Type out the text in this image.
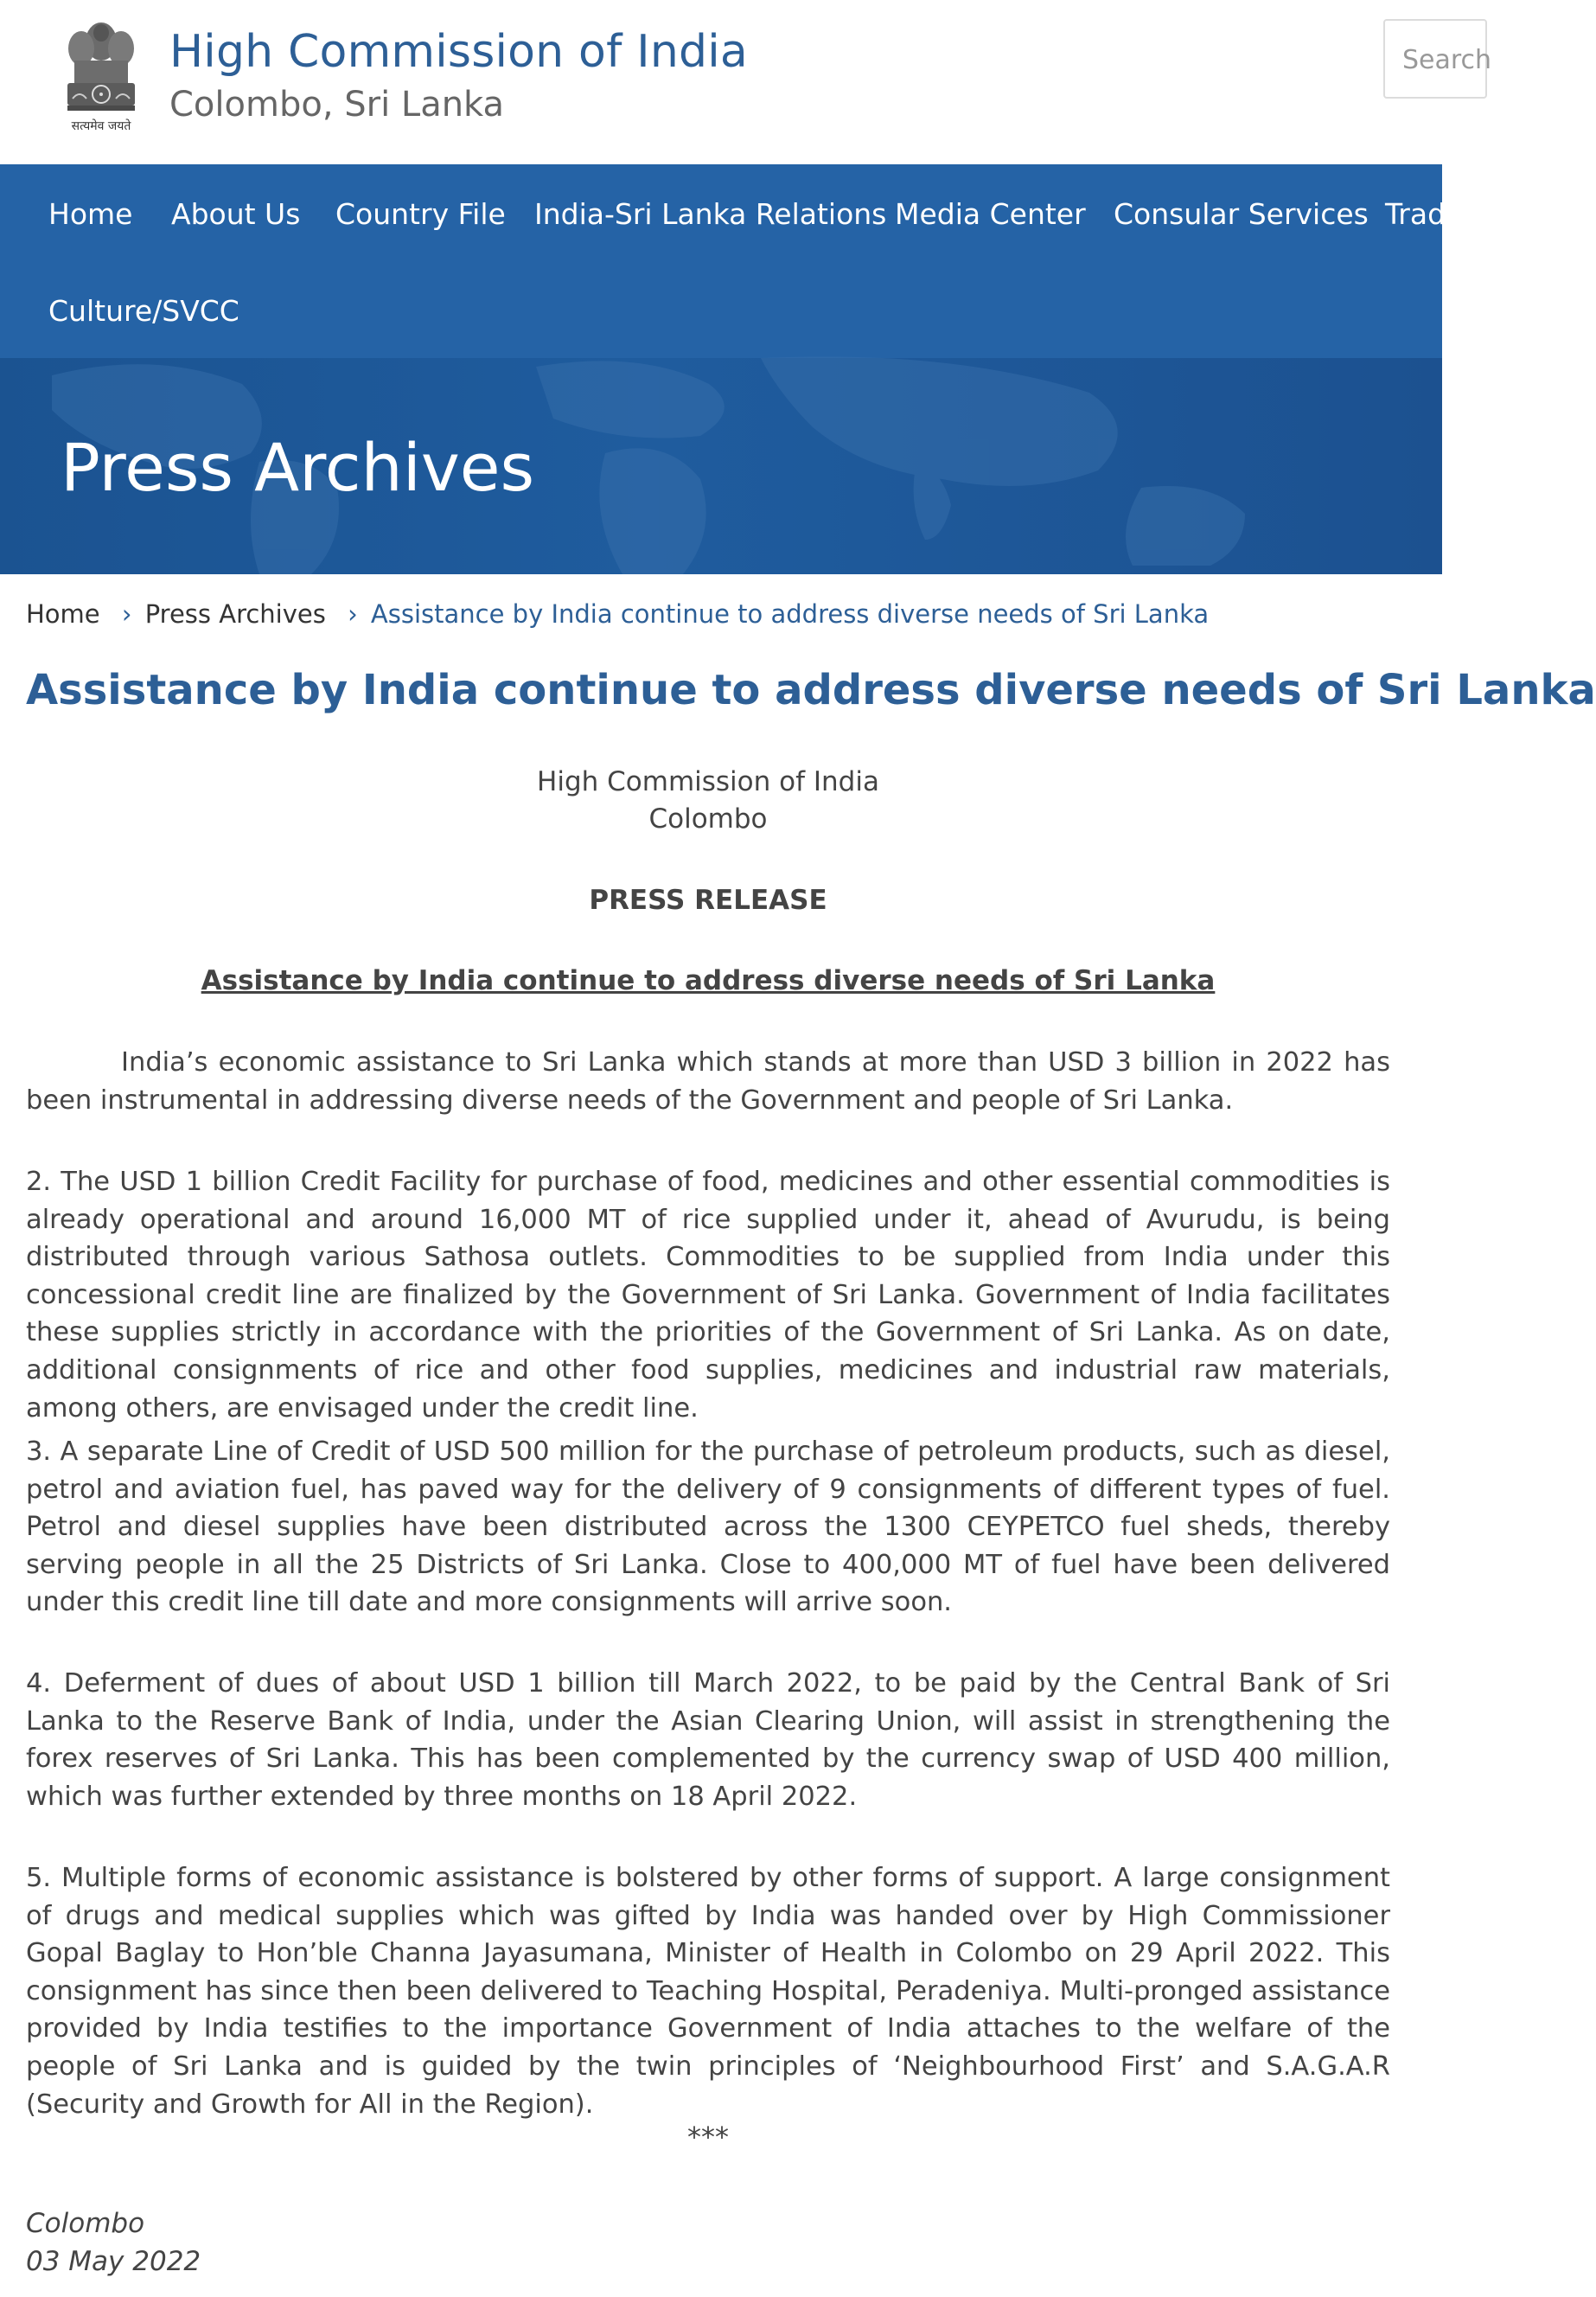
सत्यमेव जयते
High Commission of India
Colombo, Sri Lanka
Search
Home About Us Country File India-Sri Lanka Relations Media Center Consular Services Trade
Culture/SVCC
Press Archives
Home › Press Archives › Assistance by India continue to address diverse needs of Sri Lanka
Assistance by India continue to address diverse needs of Sri Lanka
High Commission of India
Colombo
PRESS RELEASE
Assistance by India continue to address diverse needs of Sri Lanka
India’s economic assistance to Sri Lanka which stands at more than USD 3 billion in 2022 has been instrumental in addressing diverse needs of the Government and people of Sri Lanka.
2. The USD 1 billion Credit Facility for purchase of food, medicines and other essential commodities is already operational and around 16,000 MT of rice supplied under it, ahead of Avurudu, is being distributed through various Sathosa outlets. Commodities to be supplied from India under this concessional credit line are finalized by the Government of Sri Lanka. Government of India facilitates these supplies strictly in accordance with the priorities of the Government of Sri Lanka. As on date, additional consignments of rice and other food supplies, medicines and industrial raw materials, among others, are envisaged under the credit line.
3. A separate Line of Credit of USD 500 million for the purchase of petroleum products, such as diesel, petrol and aviation fuel, has paved way for the delivery of 9 consignments of different types of fuel. Petrol and diesel supplies have been distributed across the 1300 CEYPETCO fuel sheds, thereby serving people in all the 25 Districts of Sri Lanka. Close to 400,000 MT of fuel have been delivered under this credit line till date and more consignments will arrive soon.
4. Deferment of dues of about USD 1 billion till March 2022, to be paid by the Central Bank of Sri Lanka to the Reserve Bank of India, under the Asian Clearing Union, will assist in strengthening the forex reserves of Sri Lanka. This has been complemented by the currency swap of USD 400 million, which was further extended by three months on 18 April 2022.
5. Multiple forms of economic assistance is bolstered by other forms of support. A large consignment of drugs and medical supplies which was gifted by India was handed over by High Commissioner Gopal Baglay to Hon’ble Channa Jayasumana, Minister of Health in Colombo on 29 April 2022. This consignment has since then been delivered to Teaching Hospital, Peradeniya. Multi-pronged assistance provided by India testifies to the importance Government of India attaches to the welfare of the people of Sri Lanka and is guided by the twin principles of ‘Neighbourhood First’ and S.A.G.A.R (Security and Growth for All in the Region).
***
Colombo
03 May 2022
